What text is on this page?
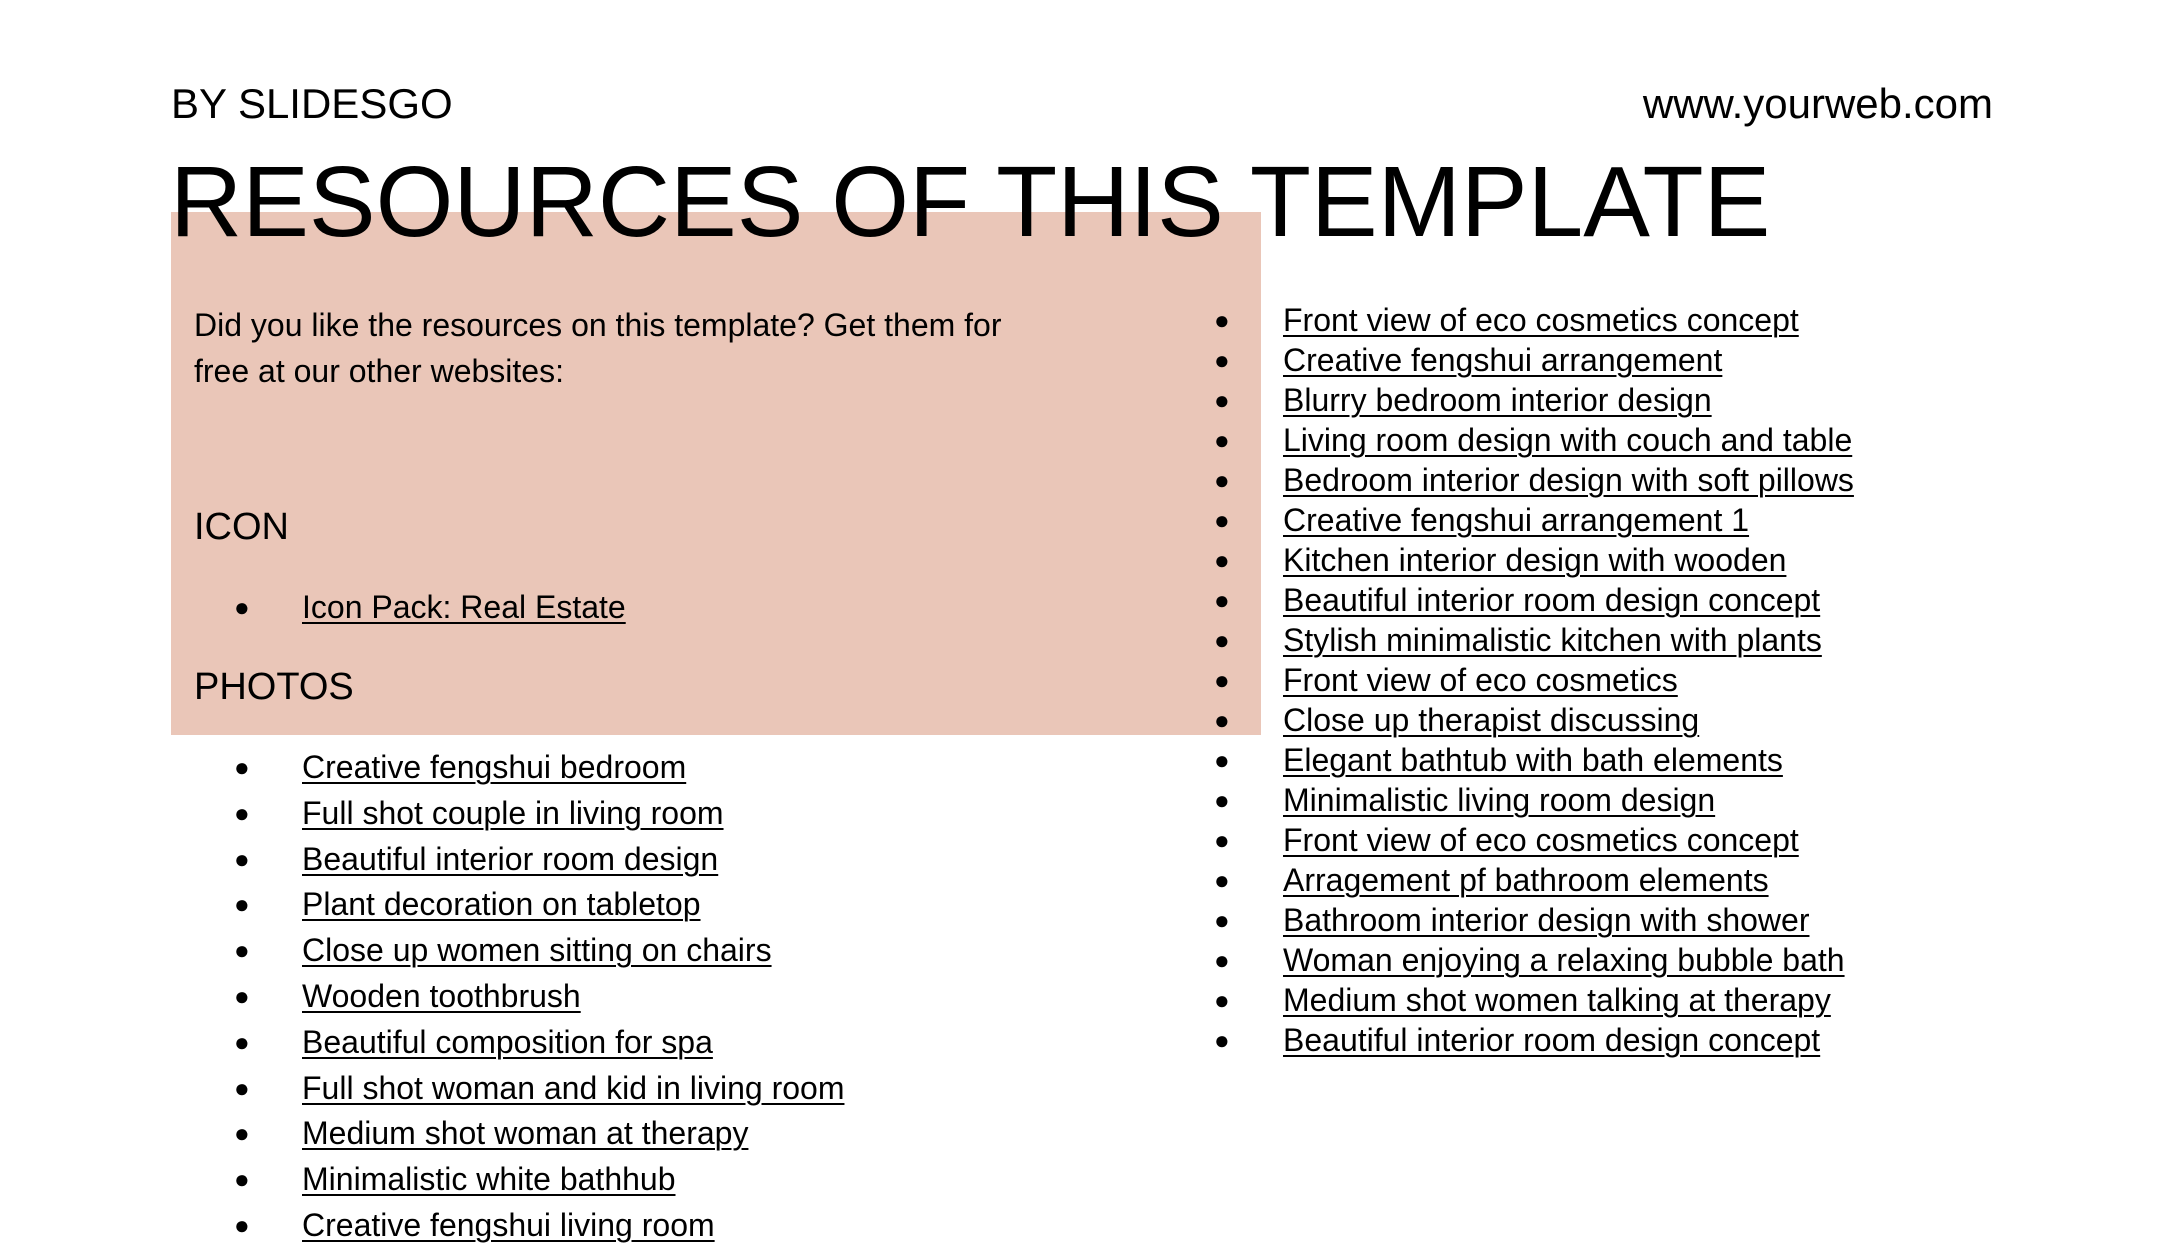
BY SLIDESGO	www.yourweb.com
RESOURCES OF THIS TEMPLATE
Did you like the resources on this template? Get them for free at our other websites:
ICON
● Icon Pack: Real Estate
PHOTOS
● Creative fengshui bedroom
● Full shot couple in living room
● Beautiful interior room design
● Plant decoration on tabletop
● Close up women sitting on chairs
● Wooden toothbrush
● Beautiful composition for spa
● Full shot woman and kid in living room
● Medium shot woman at therapy
● Minimalistic white bathhub
● Creative fengshui living room
● Front view of eco cosmetics concept
● Creative fengshui arrangement
● Blurry bedroom interior design
● Living room design with couch and table
● Bedroom interior design with soft pillows
● Creative fengshui arrangement 1
● Kitchen interior design with wooden
● Beautiful interior room design concept
● Stylish minimalistic kitchen with plants
● Front view of eco cosmetics
● Close up therapist discussing
● Elegant bathtub with bath elements
● Minimalistic living room design
● Front view of eco cosmetics concept
● Arragement pf bathroom elements
● Bathroom interior design with shower
● Woman enjoying a relaxing bubble bath
● Medium shot women talking at therapy
● Beautiful interior room design concept
